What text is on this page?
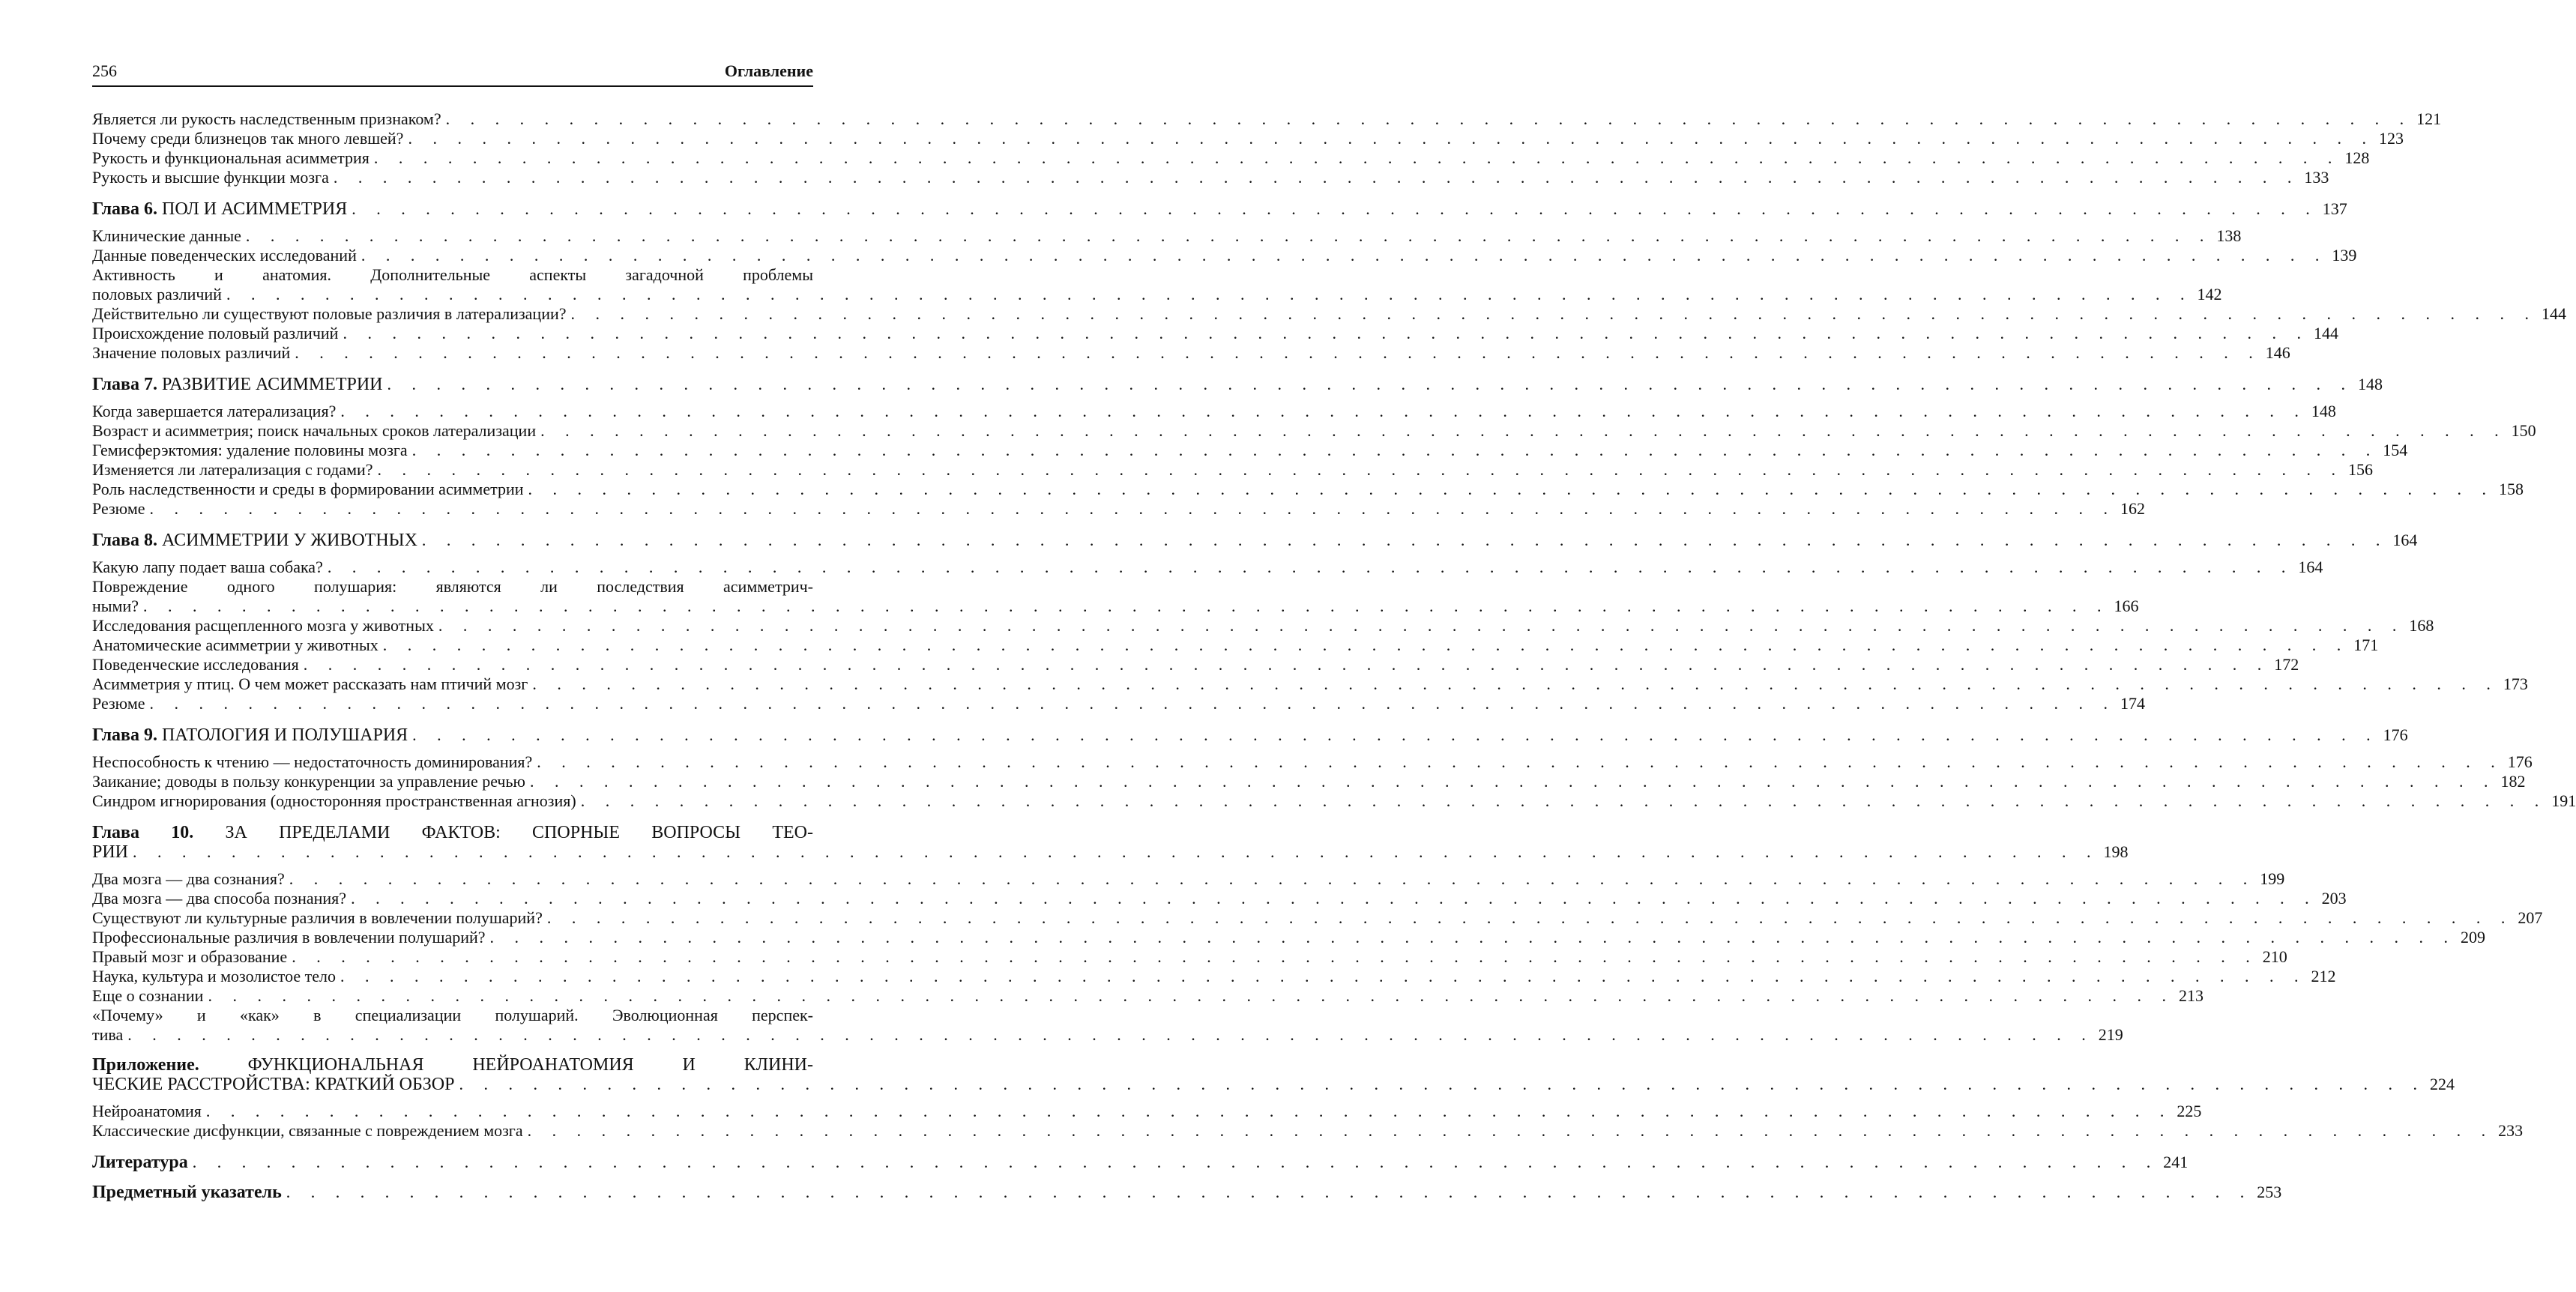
256	Оглавление
Является ли рукость наследственным признаком? . . . . . . . . . . . . . . . . . . . . . . . . . . . . . . . . . . . . . . . . . . . . . . . . . . . . . . . . . . . . . . . . . . . . . . . . . . . . . . . . 121
Почему среди близнецов так много левшей? . . . . . . . . . . . . . . . . . . . . . . . . . . . . . . . . . . . . . . . . . . . . . . . . . . . . . . . . . . . . . . . . . . . . . . . . . . . . . . . . 123
Рукость и функциональная асимметрия . . . . . . . . . . . . . . . . . . . . . . . . . . . . . . . . . . . . . . . . . . . . . . . . . . . . . . . . . . . . . . . . . . . . . . . . . . . . . . . . 128
Рукость и высшие функции мозга . . . . . . . . . . . . . . . . . . . . . . . . . . . . . . . . . . . . . . . . . . . . . . . . . . . . . . . . . . . . . . . . . . . . . . . . . . . . . . . . 133
Глава 6. ПОЛ И АСИММЕТРИЯ . . . . . . . . . . . . . . . . . . . . . . . . . . . . . . . . . . . . . . . . . . . . . . . . . . . . . . . . . . . . . . . . . . . . . . . . . . . . . . . . 137
Клинические данные . . . . . . . . . . . . . . . . . . . . . . . . . . . . . . . . . . . . . . . . . . . . . . . . . . . . . . . . . . . . . . . . . . . . . . . . . . . . . . . . 138
Данные поведенческих исследований . . . . . . . . . . . . . . . . . . . . . . . . . . . . . . . . . . . . . . . . . . . . . . . . . . . . . . . . . . . . . . . . . . . . . . . . . . . . . . . . 139
Активность и анатомия. Дополнительные аспекты загадочной проблемы
половых различий . . . . . . . . . . . . . . . . . . . . . . . . . . . . . . . . . . . . . . . . . . . . . . . . . . . . . . . . . . . . . . . . . . . . . . . . . . . . . . . . 142
Действительно ли существуют половые различия в латерализации? . . . . . . . . . . . . . . . . . . . . . . . . . . . . . . . . . . . . . . . . . . . . . . . . . . . . . . . . . . . . . . . . . . . . . . . . . . . . . . . . 144
Происхождение половый различий . . . . . . . . . . . . . . . . . . . . . . . . . . . . . . . . . . . . . . . . . . . . . . . . . . . . . . . . . . . . . . . . . . . . . . . . . . . . . . . . 144
Значение половых различий . . . . . . . . . . . . . . . . . . . . . . . . . . . . . . . . . . . . . . . . . . . . . . . . . . . . . . . . . . . . . . . . . . . . . . . . . . . . . . . . 146
Глава 7. РАЗВИТИЕ АСИММЕТРИИ . . . . . . . . . . . . . . . . . . . . . . . . . . . . . . . . . . . . . . . . . . . . . . . . . . . . . . . . . . . . . . . . . . . . . . . . . . . . . . . . 148
Когда завершается латерализация? . . . . . . . . . . . . . . . . . . . . . . . . . . . . . . . . . . . . . . . . . . . . . . . . . . . . . . . . . . . . . . . . . . . . . . . . . . . . . . . . 148
Возраст и асимметрия; поиск начальных сроков латерализации . . . . . . . . . . . . . . . . . . . . . . . . . . . . . . . . . . . . . . . . . . . . . . . . . . . . . . . . . . . . . . . . . . . . . . . . . . . . . . . . 150
Гемисферэктомия: удаление половины мозга . . . . . . . . . . . . . . . . . . . . . . . . . . . . . . . . . . . . . . . . . . . . . . . . . . . . . . . . . . . . . . . . . . . . . . . . . . . . . . . . 154
Изменяется ли латерализация с годами? . . . . . . . . . . . . . . . . . . . . . . . . . . . . . . . . . . . . . . . . . . . . . . . . . . . . . . . . . . . . . . . . . . . . . . . . . . . . . . . . 156
Роль наследственности и среды в формировании асимметрии . . . . . . . . . . . . . . . . . . . . . . . . . . . . . . . . . . . . . . . . . . . . . . . . . . . . . . . . . . . . . . . . . . . . . . . . . . . . . . . . 158
Резюме . . . . . . . . . . . . . . . . . . . . . . . . . . . . . . . . . . . . . . . . . . . . . . . . . . . . . . . . . . . . . . . . . . . . . . . . . . . . . . . . 162
Глава 8. АСИММЕТРИИ У ЖИВОТНЫХ . . . . . . . . . . . . . . . . . . . . . . . . . . . . . . . . . . . . . . . . . . . . . . . . . . . . . . . . . . . . . . . . . . . . . . . . . . . . . . . . 164
Какую лапу подает ваша собака? . . . . . . . . . . . . . . . . . . . . . . . . . . . . . . . . . . . . . . . . . . . . . . . . . . . . . . . . . . . . . . . . . . . . . . . . . . . . . . . . 164
Повреждение одного полушария: являются ли последствия асимметрич-
ными? . . . . . . . . . . . . . . . . . . . . . . . . . . . . . . . . . . . . . . . . . . . . . . . . . . . . . . . . . . . . . . . . . . . . . . . . . . . . . . . . 166
Исследования расщепленного мозга у животных . . . . . . . . . . . . . . . . . . . . . . . . . . . . . . . . . . . . . . . . . . . . . . . . . . . . . . . . . . . . . . . . . . . . . . . . . . . . . . . . 168
Анатомические асимметрии у животных . . . . . . . . . . . . . . . . . . . . . . . . . . . . . . . . . . . . . . . . . . . . . . . . . . . . . . . . . . . . . . . . . . . . . . . . . . . . . . . . 171
Поведенческие исследования . . . . . . . . . . . . . . . . . . . . . . . . . . . . . . . . . . . . . . . . . . . . . . . . . . . . . . . . . . . . . . . . . . . . . . . . . . . . . . . . 172
Асимметрия у птиц. О чем может рассказать нам птичий мозг . . . . . . . . . . . . . . . . . . . . . . . . . . . . . . . . . . . . . . . . . . . . . . . . . . . . . . . . . . . . . . . . . . . . . . . . . . . . . . . . 173
Резюме . . . . . . . . . . . . . . . . . . . . . . . . . . . . . . . . . . . . . . . . . . . . . . . . . . . . . . . . . . . . . . . . . . . . . . . . . . . . . . . . 174
Глава 9. ПАТОЛОГИЯ И ПОЛУШАРИЯ . . . . . . . . . . . . . . . . . . . . . . . . . . . . . . . . . . . . . . . . . . . . . . . . . . . . . . . . . . . . . . . . . . . . . . . . . . . . . . . . 176
Неспособность к чтению — недостаточность доминирования? . . . . . . . . . . . . . . . . . . . . . . . . . . . . . . . . . . . . . . . . . . . . . . . . . . . . . . . . . . . . . . . . . . . . . . . . . . . . . . . . 176
Заикание; доводы в пользу конкуренции за управление речью . . . . . . . . . . . . . . . . . . . . . . . . . . . . . . . . . . . . . . . . . . . . . . . . . . . . . . . . . . . . . . . . . . . . . . . . . . . . . . . . 182
Синдром игнорирования (односторонняя пространственная агнозия) . . . . . . . . . . . . . . . . . . . . . . . . . . . . . . . . . . . . . . . . . . . . . . . . . . . . . . . . . . . . . . . . . . . . . . . . . . . . . . . . 191
Глава 10. ЗА ПРЕДЕЛАМИ ФАКТОВ: СПОРНЫЕ ВОПРОСЫ ТЕО-
РИИ . . . . . . . . . . . . . . . . . . . . . . . . . . . . . . . . . . . . . . . . . . . . . . . . . . . . . . . . . . . . . . . . . . . . . . . . . . . . . . . . 198
Два мозга — два сознания? . . . . . . . . . . . . . . . . . . . . . . . . . . . . . . . . . . . . . . . . . . . . . . . . . . . . . . . . . . . . . . . . . . . . . . . . . . . . . . . . 199
Два мозга — два способа познания? . . . . . . . . . . . . . . . . . . . . . . . . . . . . . . . . . . . . . . . . . . . . . . . . . . . . . . . . . . . . . . . . . . . . . . . . . . . . . . . . 203
Существуют ли культурные различия в вовлечении полушарий? . . . . . . . . . . . . . . . . . . . . . . . . . . . . . . . . . . . . . . . . . . . . . . . . . . . . . . . . . . . . . . . . . . . . . . . . . . . . . . . . 207
Профессиональные различия в вовлечении полушарий? . . . . . . . . . . . . . . . . . . . . . . . . . . . . . . . . . . . . . . . . . . . . . . . . . . . . . . . . . . . . . . . . . . . . . . . . . . . . . . . . 209
Правый мозг и образование . . . . . . . . . . . . . . . . . . . . . . . . . . . . . . . . . . . . . . . . . . . . . . . . . . . . . . . . . . . . . . . . . . . . . . . . . . . . . . . . 210
Наука, культура и мозолистое тело . . . . . . . . . . . . . . . . . . . . . . . . . . . . . . . . . . . . . . . . . . . . . . . . . . . . . . . . . . . . . . . . . . . . . . . . . . . . . . . . 212
Еще о сознании . . . . . . . . . . . . . . . . . . . . . . . . . . . . . . . . . . . . . . . . . . . . . . . . . . . . . . . . . . . . . . . . . . . . . . . . . . . . . . . . 213
«Почему» и «как» в специализации полушарий. Эволюционная перспек-
тива . . . . . . . . . . . . . . . . . . . . . . . . . . . . . . . . . . . . . . . . . . . . . . . . . . . . . . . . . . . . . . . . . . . . . . . . . . . . . . . . 219
Приложение.	ФУНКЦИОНАЛЬНАЯ НЕЙРОАНАТОМИЯ И КЛИНИ-
ЧЕСКИЕ РАССТРОЙСТВА: КРАТКИЙ ОБЗОР . . . . . . . . . . . . . . . . . . . . . . . . . . . . . . . . . . . . . . . . . . . . . . . . . . . . . . . . . . . . . . . . . . . . . . . . . . . . . . . . 224
Нейроанатомия . . . . . . . . . . . . . . . . . . . . . . . . . . . . . . . . . . . . . . . . . . . . . . . . . . . . . . . . . . . . . . . . . . . . . . . . . . . . . . . . 225
Классические дисфункции, связанные с повреждением мозга . . . . . . . . . . . . . . . . . . . . . . . . . . . . . . . . . . . . . . . . . . . . . . . . . . . . . . . . . . . . . . . . . . . . . . . . . . . . . . . . 233
Литература . . . . . . . . . . . . . . . . . . . . . . . . . . . . . . . . . . . . . . . . . . . . . . . . . . . . . . . . . . . . . . . . . . . . . . . . . . . . . . . . 241
Предметный указатель . . . . . . . . . . . . . . . . . . . . . . . . . . . . . . . . . . . . . . . . . . . . . . . . . . . . . . . . . . . . . . . . . . . . . . . . . . . . . . . . 253
